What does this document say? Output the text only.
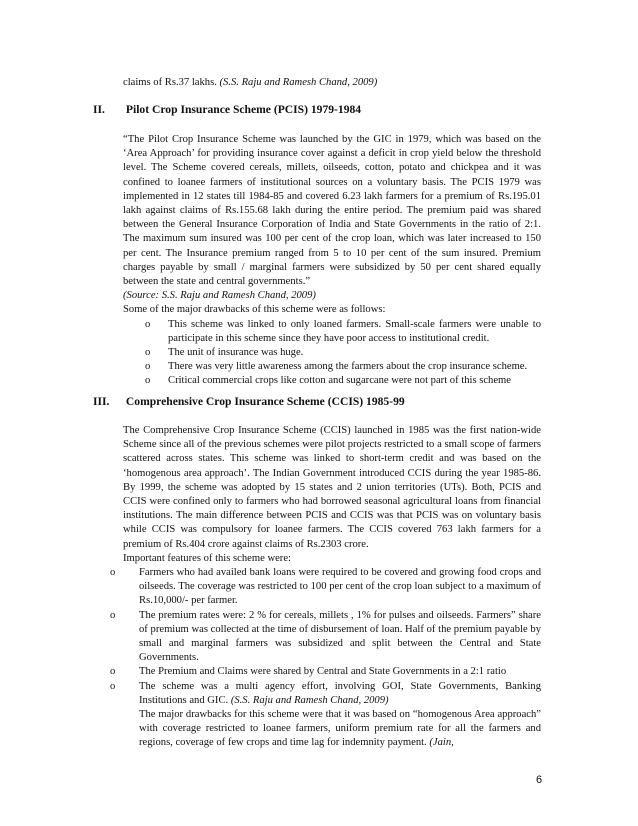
claims of Rs.37 lakhs. (S.S. Raju and Ramesh Chand, 2009)
II. Pilot Crop Insurance Scheme (PCIS) 1979-1984

“The Pilot Crop Insurance Scheme was launched by the GIC in 1979, which was based on the ‘Area Approach’ for providing insurance cover against a deficit in crop yield below the threshold level. The Scheme covered cereals, millets, oilseeds, cotton, potato and chickpea and it was confined to loanee farmers of institutional sources on a voluntary basis. The PCIS 1979 was implemented in 12 states till 1984-85 and covered 6.23 lakh farmers for a premium of Rs.195.01 lakh against claims of Rs.155.68 lakh during the entire period. The premium paid was shared between the General Insurance Corporation of India and State Governments in the ratio of 2:1. The maximum sum insured was 100 per cent of the crop loan, which was later increased to 150 per cent. The Insurance premium ranged from 5 to 10 per cent of the sum insured. Premium charges payable by small / marginal farmers were subsidized by 50 per cent shared equally between the state and central governments.”

(Source: S.S. Raju and Ramesh Chand, 2009)

Some of the major drawbacks of this scheme were as follows:

o This scheme was linked to only loaned farmers. Small-scale farmers were unable to participate in this scheme since they have poor access to institutional credit.
o The unit of insurance was huge.
o There was very little awareness among the farmers about the crop insurance scheme.
o Critical commercial crops like cotton and sugarcane were not part of this scheme
III. Comprehensive Crop Insurance Scheme (CCIS) 1985-99

The Comprehensive Crop Insurance Scheme (CCIS) launched in 1985 was the first nation-wide Scheme since all of the previous schemes were pilot projects restricted to a small scope of farmers scattered across states. This scheme was linked to short-term credit and was based on the ‘homogenous area approach’. The Indian Government introduced CCIS during the year 1985-86. By 1999, the scheme was adopted by 15 states and 2 union territories (UTs). Both, PCIS and CCIS were confined only to farmers who had borrowed seasonal agricultural loans from financial institutions. The main difference between PCIS and CCIS was that PCIS was on voluntary basis while CCIS was compulsory for loanee farmers. The CCIS covered 763 lakh farmers for a premium of Rs.404 crore against claims of Rs.2303 crore.

Important features of this scheme were:

o Farmers who had availed bank loans were required to be covered and growing food crops and oilseeds. The coverage was restricted to 100 per cent of the crop loan subject to a maximum of Rs.10,000/- per farmer.
o The premium rates were: 2 % for cereals, millets , 1% for pulses and oilseeds. Farmers” share of premium was collected at the time of disbursement of loan. Half of the premium payable by small and marginal farmers was subsidized and split between the Central and State Governments.
o The Premium and Claims were shared by Central and State Governments in a 2:1 ratio
o The scheme was a multi agency effort, involving GOI, State Governments, Banking Institutions and GIC. (S.S. Raju and Ramesh Chand, 2009)
The major drawbacks for this scheme were that it was based on “homogenous Area approach” with coverage restricted to loanee farmers, uniform premium rate for all the farmers and regions, coverage of few crops and time lag for indemnity payment. (Jain,
6
